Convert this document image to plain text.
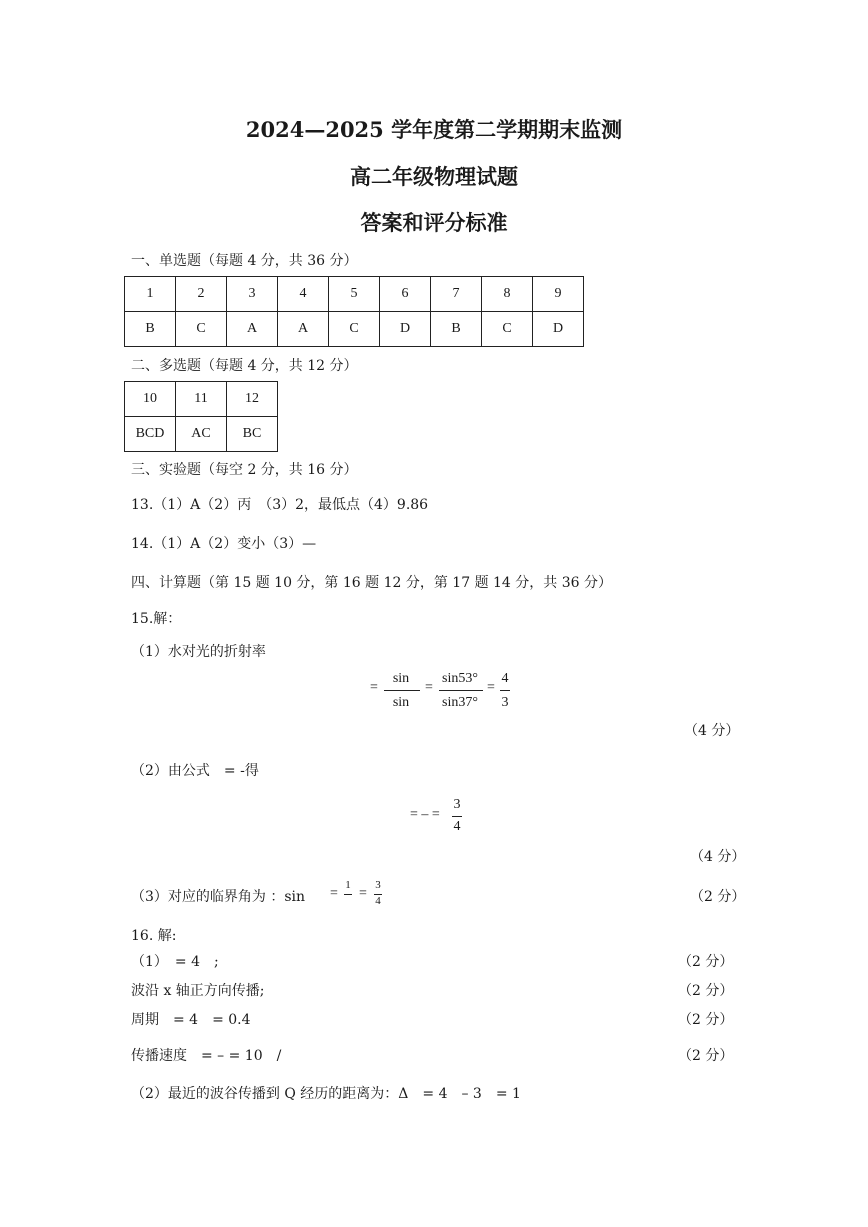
2024—2025 学年度第二学期期末监测
高二年级物理试题
答案和评分标准
一、单选题（每题 4 分，共 36 分）
1	2	3	4	5	6	7	8	9
B	C	A	A	C	D	B	C	D
二、多选题（每题 4 分，共 12 分）
10	11	12
BCD	AC	BC
三、实验题（每空 2 分，共 16 分）
13.（1）A（2）丙　（3）2，最低点（4）9.86
14.（1）A（2）变小（3）—
四、计算题（第 15 题 10 分，第 16 题 12 分，第 17 题 14 分，共 36 分）
15.解：
（1）水对光的折射率
=
sin
sin
=
sin53°
sin37°
=
4
3
（4 分）
（2）由公式　= -得
= – =
3
4
（4 分）
（3）对应的临界角为 ：sin =
1
=
3
4	（2 分）
16. 解:
（1）　= 4　;	（2 分）
波沿 x 轴正方向传播;	（2 分）
周期　= 4　= 0.4	（2 分）
传播速度　= – = 10　/	（2 分）
（2）最近的波谷传播到 Q 经历的距离为：Δ　= 4　– 3　= 1
